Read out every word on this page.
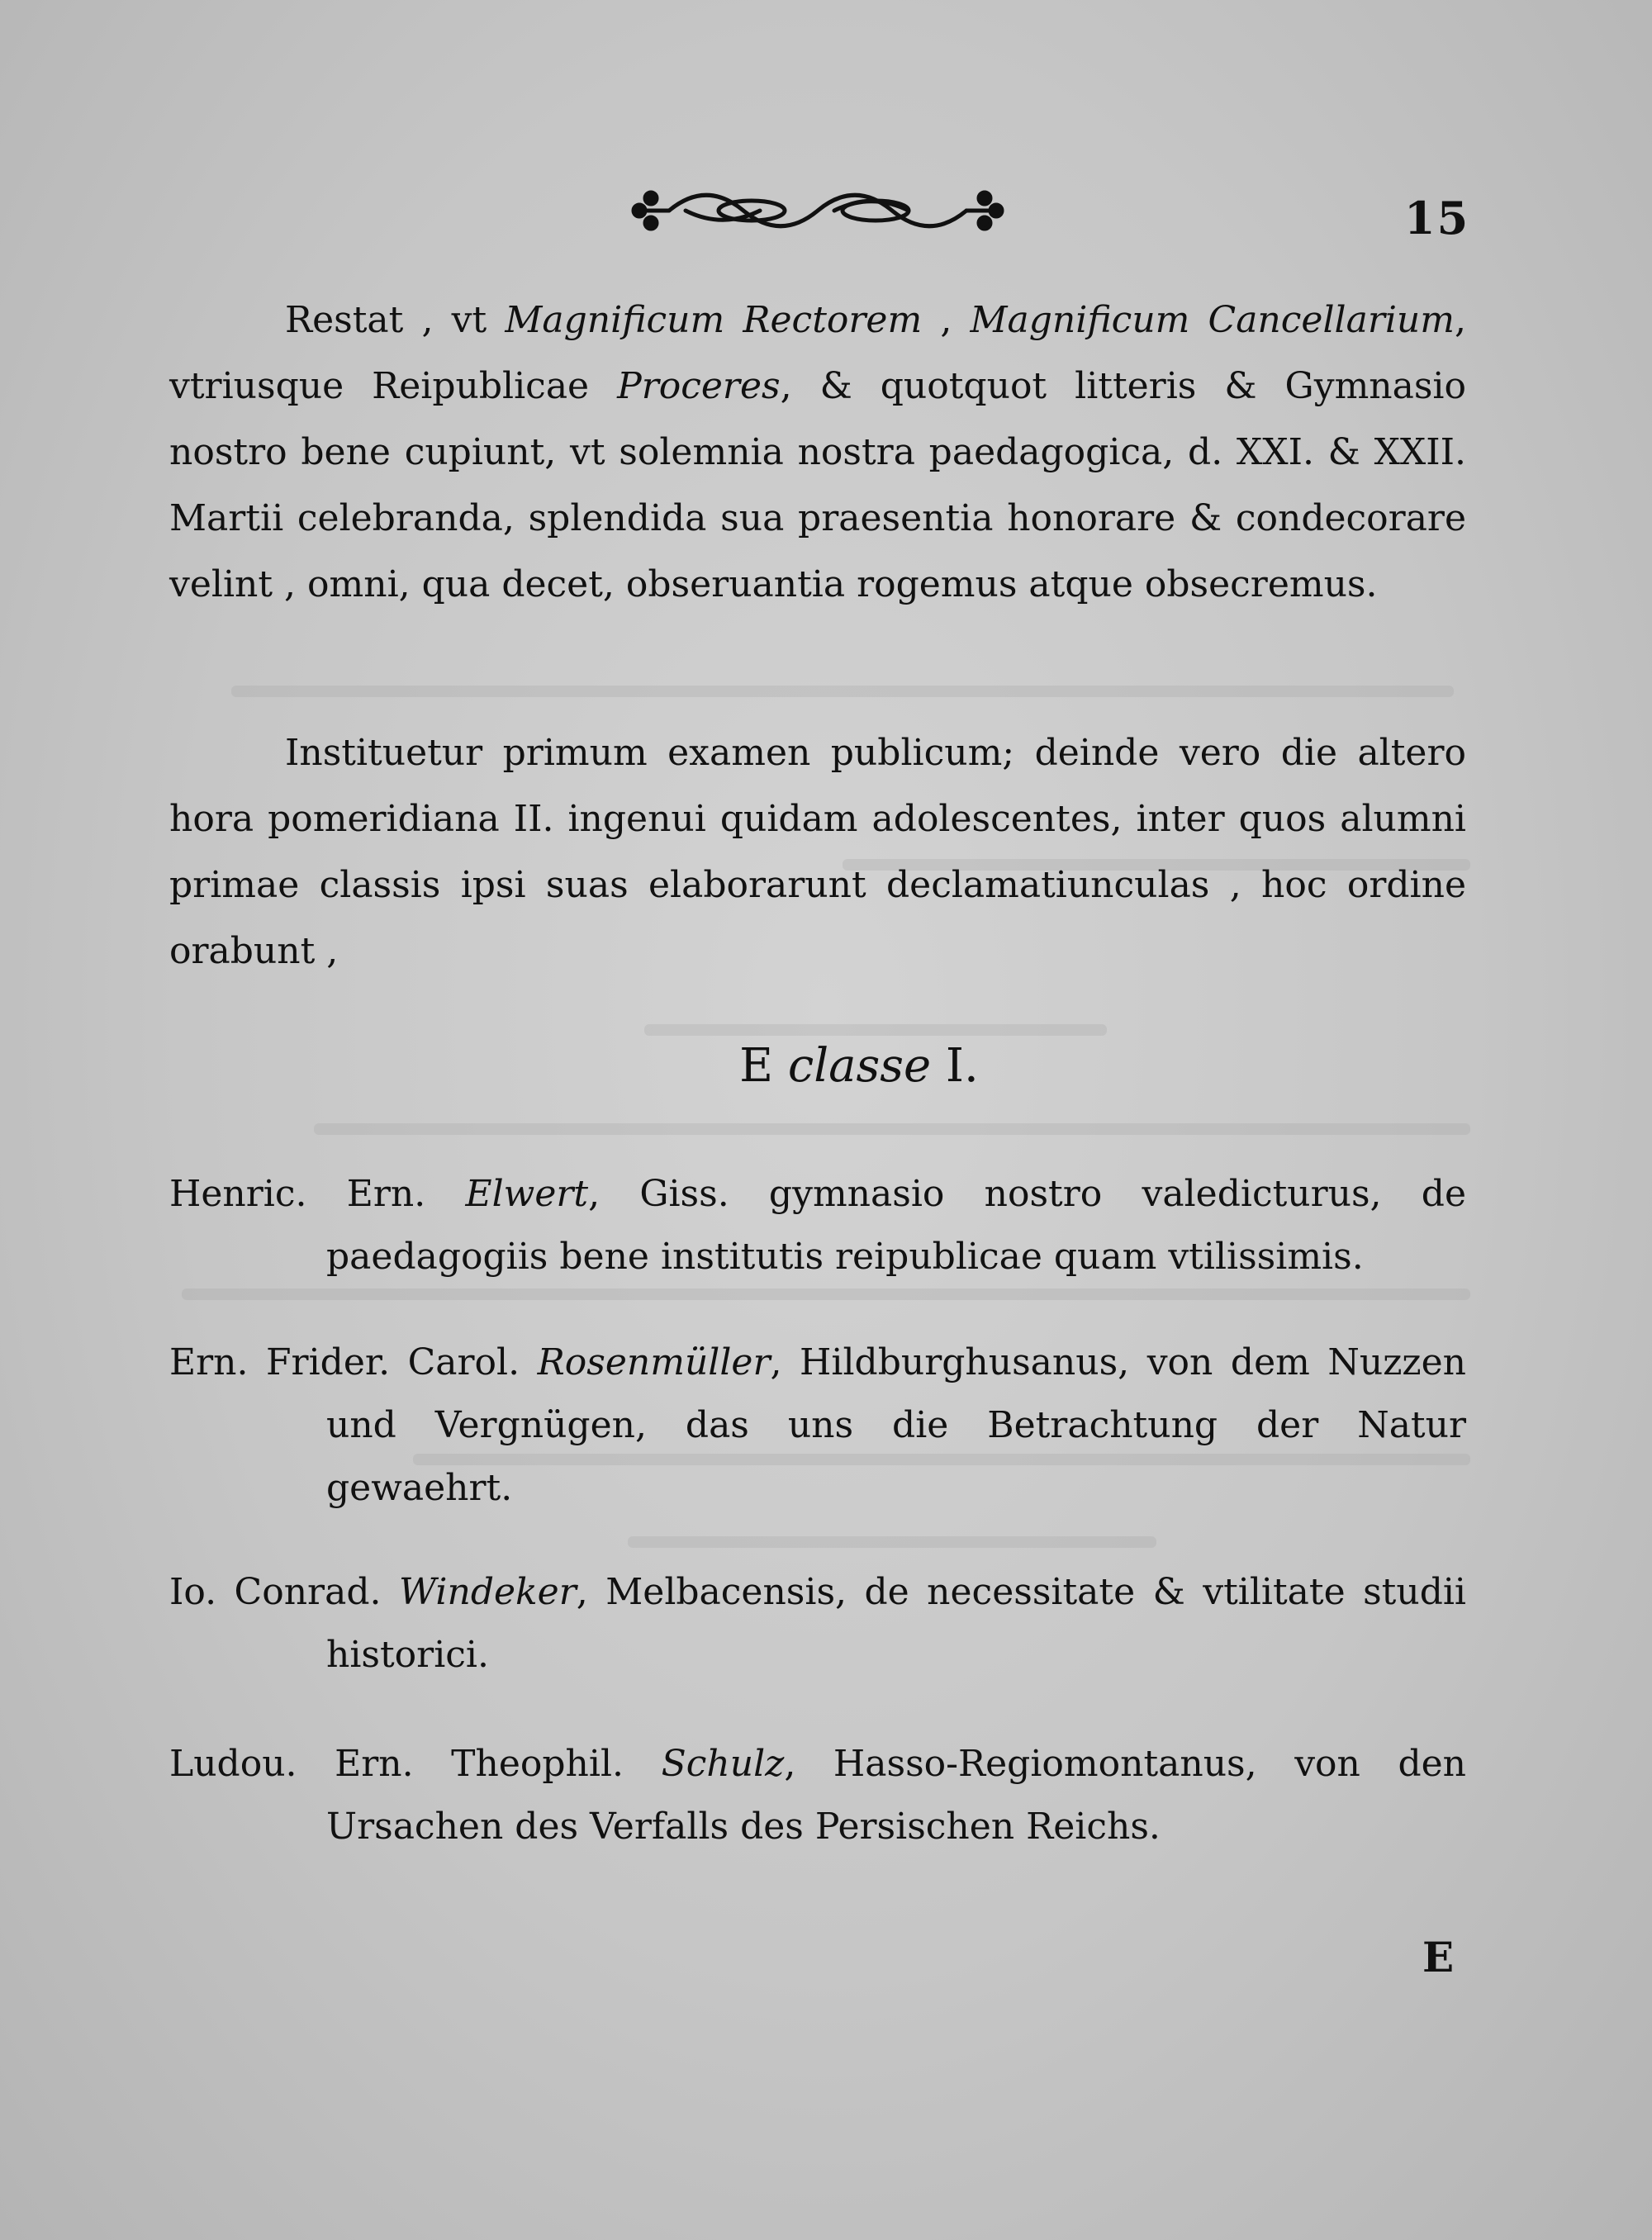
15

Restat , vt Magnificum Rectorem , Magnificum Cancellarium, vtriusque Reipublicae Proceres, & quotquot litteris & Gymnasio nostro bene cupiunt, vt solemnia nostra paedagogica, d. XXI. & XXII. Martii celebranda, splendida sua praesentia honorare & condecorare velint , omni, qua decet, obseruantia rogemus atque obsecremus.

Instituetur primum examen publicum; deinde vero die altero hora pomeridiana II. ingenui quidam adolescentes, inter quos alumni primae classis ipsi suas elaborarunt declamatiunculas , hoc ordine orabunt ,

E classe I.

Henric. Ern. Elwert, Giss. gymnasio nostro valedicturus, de paedagogiis bene institutis reipublicae quam vtilissimis.

Ern. Frider. Carol. Rosenmüller, Hildburghusanus, von dem Nuzzen und Vergnügen, das uns die Betrachtung der Natur gewaehrt.

Io. Conrad. Windeker, Melbacensis, de necessitate & vtilitate studii historici.

Ludou. Ern. Theophil. Schulz, Hasso-Regiomontanus, von den Ursachen des Verfalls des Persischen Reichs.

E
